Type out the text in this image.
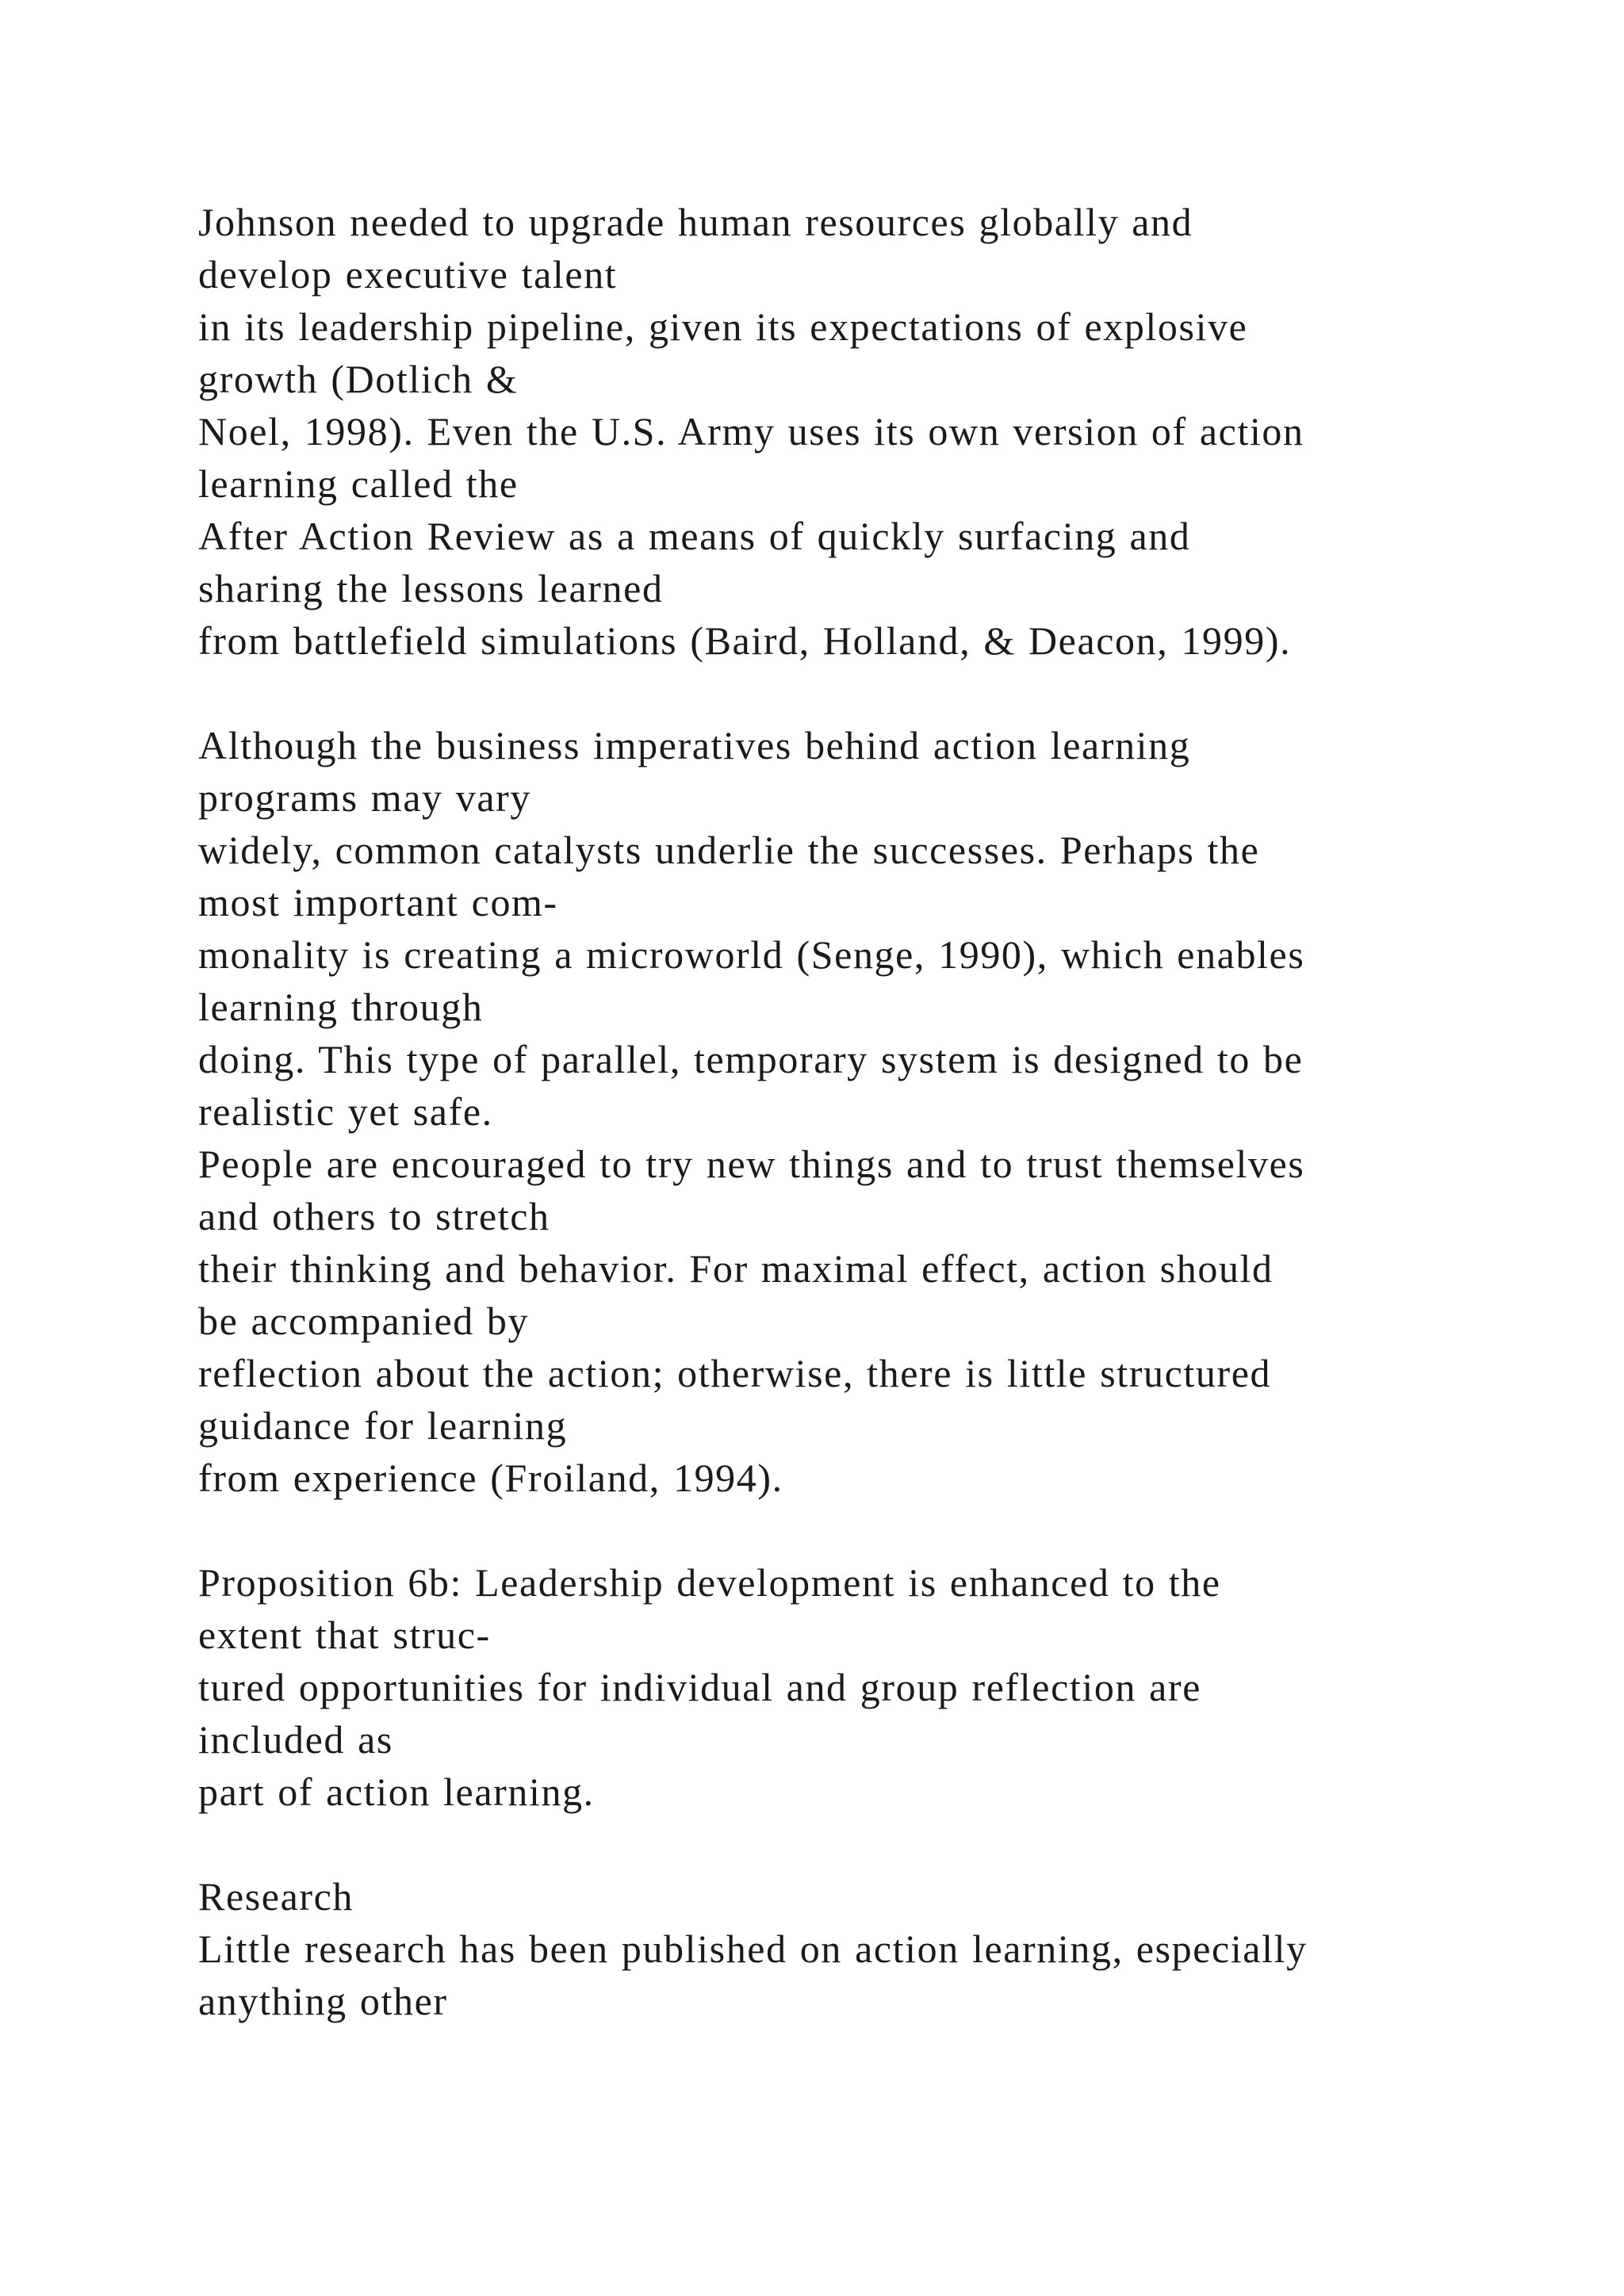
Johnson needed to upgrade human resources globally and
develop executive talent
in its leadership pipeline, given its expectations of explosive
growth (Dotlich &
Noel, 1998). Even the U.S. Army uses its own version of action
learning called the
After Action Review as a means of quickly surfacing and
sharing the lessons learned
from battlefield simulations (Baird, Holland, & Deacon, 1999).
Although the business imperatives behind action learning
programs may vary
widely, common catalysts underlie the successes. Perhaps the
most important com-
monality is creating a microworld (Senge, 1990), which enables
learning through
doing. This type of parallel, temporary system is designed to be
realistic yet safe.
People are encouraged to try new things and to trust themselves
and others to stretch
their thinking and behavior. For maximal effect, action should
be accompanied by
reflection about the action; otherwise, there is little structured
guidance for learning
from experience (Froiland, 1994).
Proposition 6b: Leadership development is enhanced to the
extent that struc-
tured opportunities for individual and group reflection are
included as
part of action learning.
Research
Little research has been published on action learning, especially
anything other
